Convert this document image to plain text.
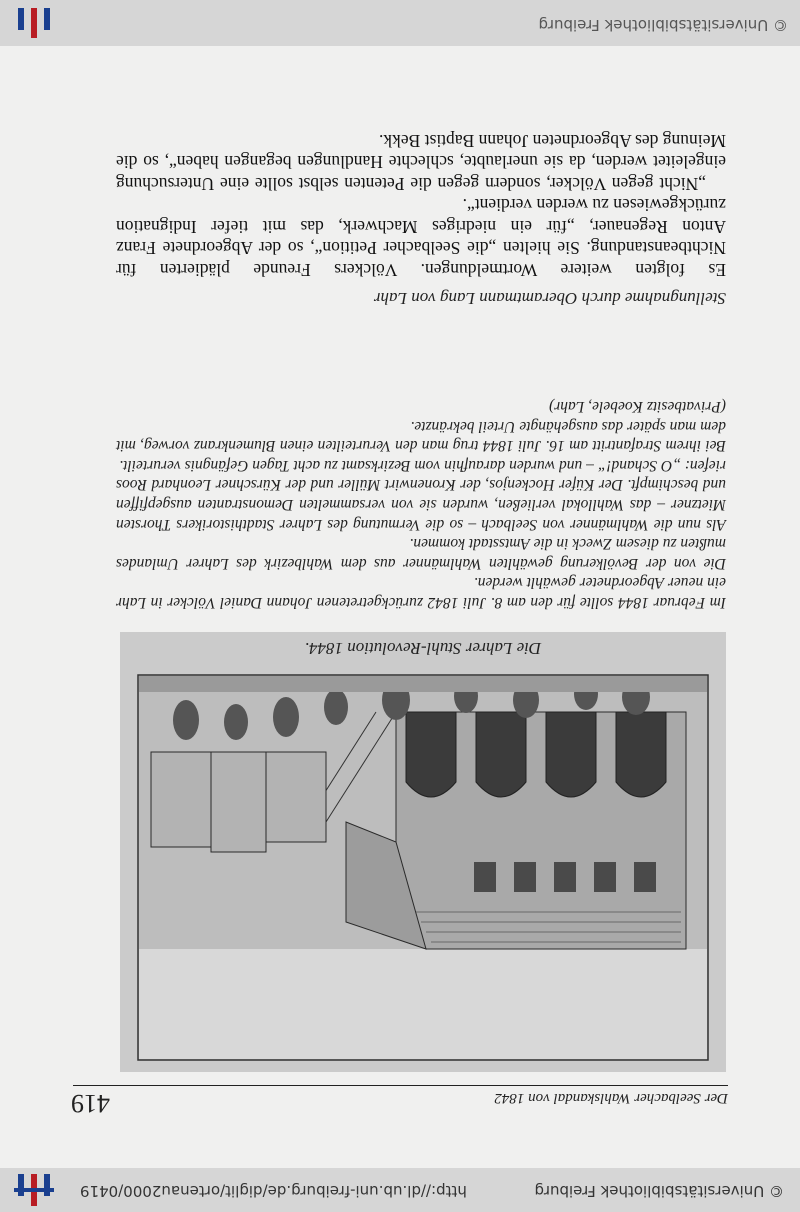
© Universitätsbibliothek Freiburg
http://dl.ub.uni-freiburg.de/diglit/ortenau2000/0419
Der Seelbacher Wahlskandal von 1842
419
Die Lahrer Stuhl-Revolution 1844.

Im Februar 1844 sollte für den am 8. Juli 1842 zurückgetretenen Johann Daniel Völcker in Lahr ein neuer Abgeordneter gewählt werden.

Die von der Bevölkerung gewählten Wahlmänner aus dem Wahlbezirk des Lahrer Umlandes mußten zu diesem Zweck in die Amtsstadt kommen.

Als nun die Wahlmänner von Seelbach – so die Vermutung des Lahrer Stadthistorikers Thorsten Mietzner – das Wahllokal verließen, wurden sie von versammelten Demonstranten ausgepfiffen und beschimpft. Der Küfer Hockenjos, der Kronenwirt Müller und der Kürschner Leonhard Roos riefen: „O Schand!“ – und wurden daraufhin vom Bezirksamt zu acht Tagen Gefängnis verurteilt.

Bei ihrem Strafantritt am 16. Juli 1844 trug man den Verurteilten einen Blumenkranz vorweg, mit dem man später das ausgehängte Urteil bekränzte.

(Privatbesitz Koebele, Lahr)

Stellungnahme durch Oberamtmann Lang von Lahr

Es folgten weitere Wortmeldungen. Völckers Freunde plädierten für Nichtbeanstandung. Sie hielten „die Seelbacher Petition“, so der Abgeordnete Franz Anton Regenauer, „für ein niedriges Machwerk, das mit tiefer Indignation zurückgewiesen zu werden verdient“.

„Nicht gegen Völcker, sondern gegen die Petenten selbst sollte eine Untersuchung eingeleitet werden, da sie unerlaubte, schlechte Handlungen begangen haben“, so die Meinung des Abgeordneten Johann Baptist Bekk.

© Universitätsbibliothek Freiburg
